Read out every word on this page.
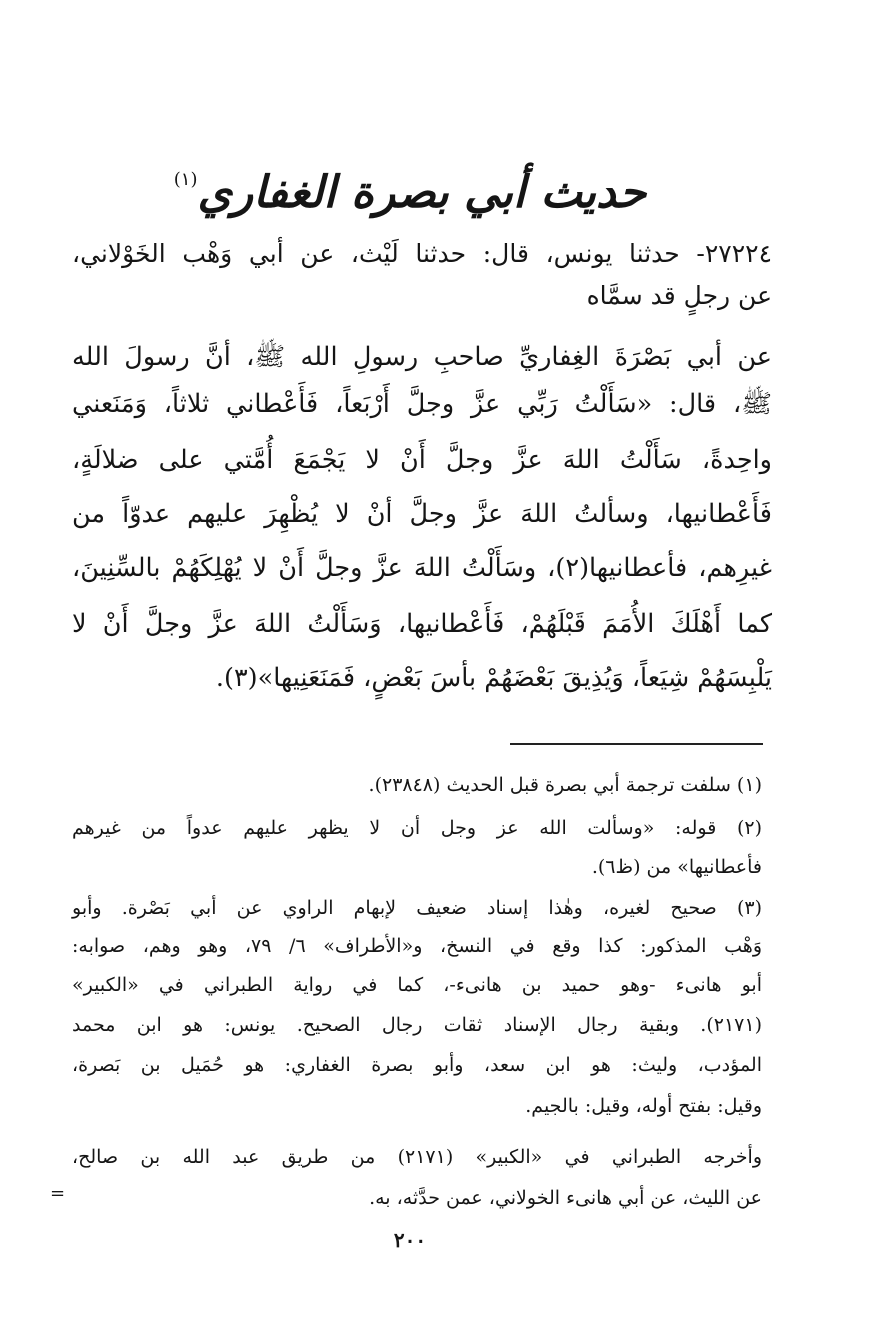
حديث أبي بصرة الغفاري$^{(١)}$
٢٧٢٢٤- حدثنا يونس، قال: حدثنا لَيْث، عن أبي وَهْب الخَوْلاني،
عن رجلٍ قد سمَّاه
عن أبي بَصْرَةَ الغِفاريِّ صاحبِ رسولِ الله ﷺ، أنَّ رسولَ الله
ﷺ، قال: «سَأَلْتُ رَبِّي عزَّ وجلَّ أَرْبَعاً، فَأَعْطاني ثلاثاً، وَمَنَعني
واحِدةً، سَأَلْتُ اللهَ عزَّ وجلَّ أَنْ لا يَجْمَعَ أُمَّتي على ضلالَةٍ،
فَأَعْطانيها، وسألتُ اللهَ عزَّ وجلَّ أنْ لا يُظْهِرَ عليهم عدوّاً من
غيرِهم، فأعطانيها(٢)، وسَأَلْتُ اللهَ عزَّ وجلَّ أَنْ لا يُهْلِكَهُمْ بالسِّنِينَ،
كما أَهْلَكَ الأُمَمَ قَبْلَهُمْ، فَأَعْطانيها، وَسَأَلْتُ اللهَ عزَّ وجلَّ أَنْ لا
يَلْبِسَهُمْ شِيَعاً، وَيُذِيقَ بَعْضَهُمْ بأسَ بَعْضٍ، فَمَنَعَنِيها»(٣).
(١) سلفت ترجمة أبي بصرة قبل الحديث (٢٣٨٤٨).
(٢) قوله: «وسألت الله عز وجل أن لا يظهر عليهم عدواً من غيرهم
فأعطانيها» من (ظ٦).
(٣) صحيح لغيره، وهٰذا إسناد ضعيف لإبهام الراوي عن أبي بَصْرة. وأبو
وَهْب المذكور: كذا وقع في النسخ، و«الأطراف» ٦/ ٧٩، وهو وهم، صوابه:
أبو هانىء -وهو حميد بن هانىء-، كما في رواية الطبراني في «الكبير»
(٢١٧١). وبقية رجال الإسناد ثقات رجال الصحيح. يونس: هو ابن محمد
المؤدب، وليث: هو ابن سعد، وأبو بصرة الغفاري: هو حُمَيل بن بَصرة،
وقيل: بفتح أوله، وقيل: بالجيم.
وأخرجه الطبراني في «الكبير» (٢١٧١) من طريق عبد الله بن صالح،
عن الليث، عن أبي هانىء الخولاني، عمن حدَّثه، به.
=
٢٠٠
